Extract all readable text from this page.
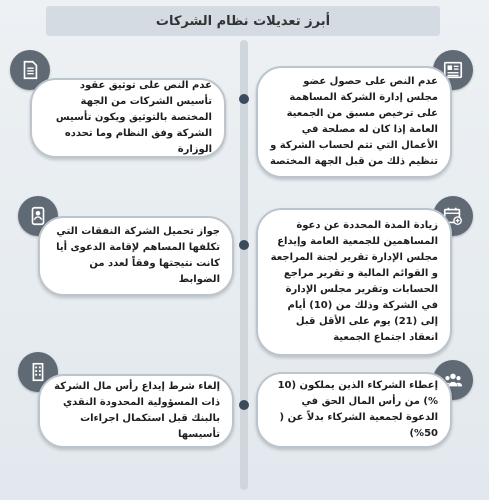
أبرز تعديلات نظام الشركات
عدم النص على حصول عضو مجلس إدارة الشركة المساهمة على ترخيص مسبق من الجمعية العامة إذا كان له مصلحة في الأعمال التي تتم لحساب الشركة و تنظيم ذلك من قبل الجهة المختصة
عدم النص على توثيق عقود تأسيس الشركات من الجهة المختصة بالتوثيق ويكون تأسيس الشركة وفق النظام وما تحدده الوزارة
زيادة المدة المحددة عن دعوة المساهمين للجمعية العامة وإيداع مجلس الإدارة تقرير لجنة المراجعة و القوائم المالية و تقرير مراجع الحسابات وتقرير مجلس الإدارة في الشركة وذلك من (10) أيام إلى (21) يوم على الأقل قبل انعقاد اجتماع الجمعية
جواز تحميل الشركة النفقات التي تكلفها المساهم لإقامة الدعوى أيا كانت نتيجتها وفقاً لعدد من الضوابط
إعطاء الشركاء الذين يملكون (10 %) من رأس المال الحق في الدعوة لجمعية الشركاء بدلاً عن ( 50%)
إلغاء شرط إيداع رأس مال الشركة ذات المسؤولية المحدودة النقدي بالبنك قبل استكمال اجراءات تأسيسها
